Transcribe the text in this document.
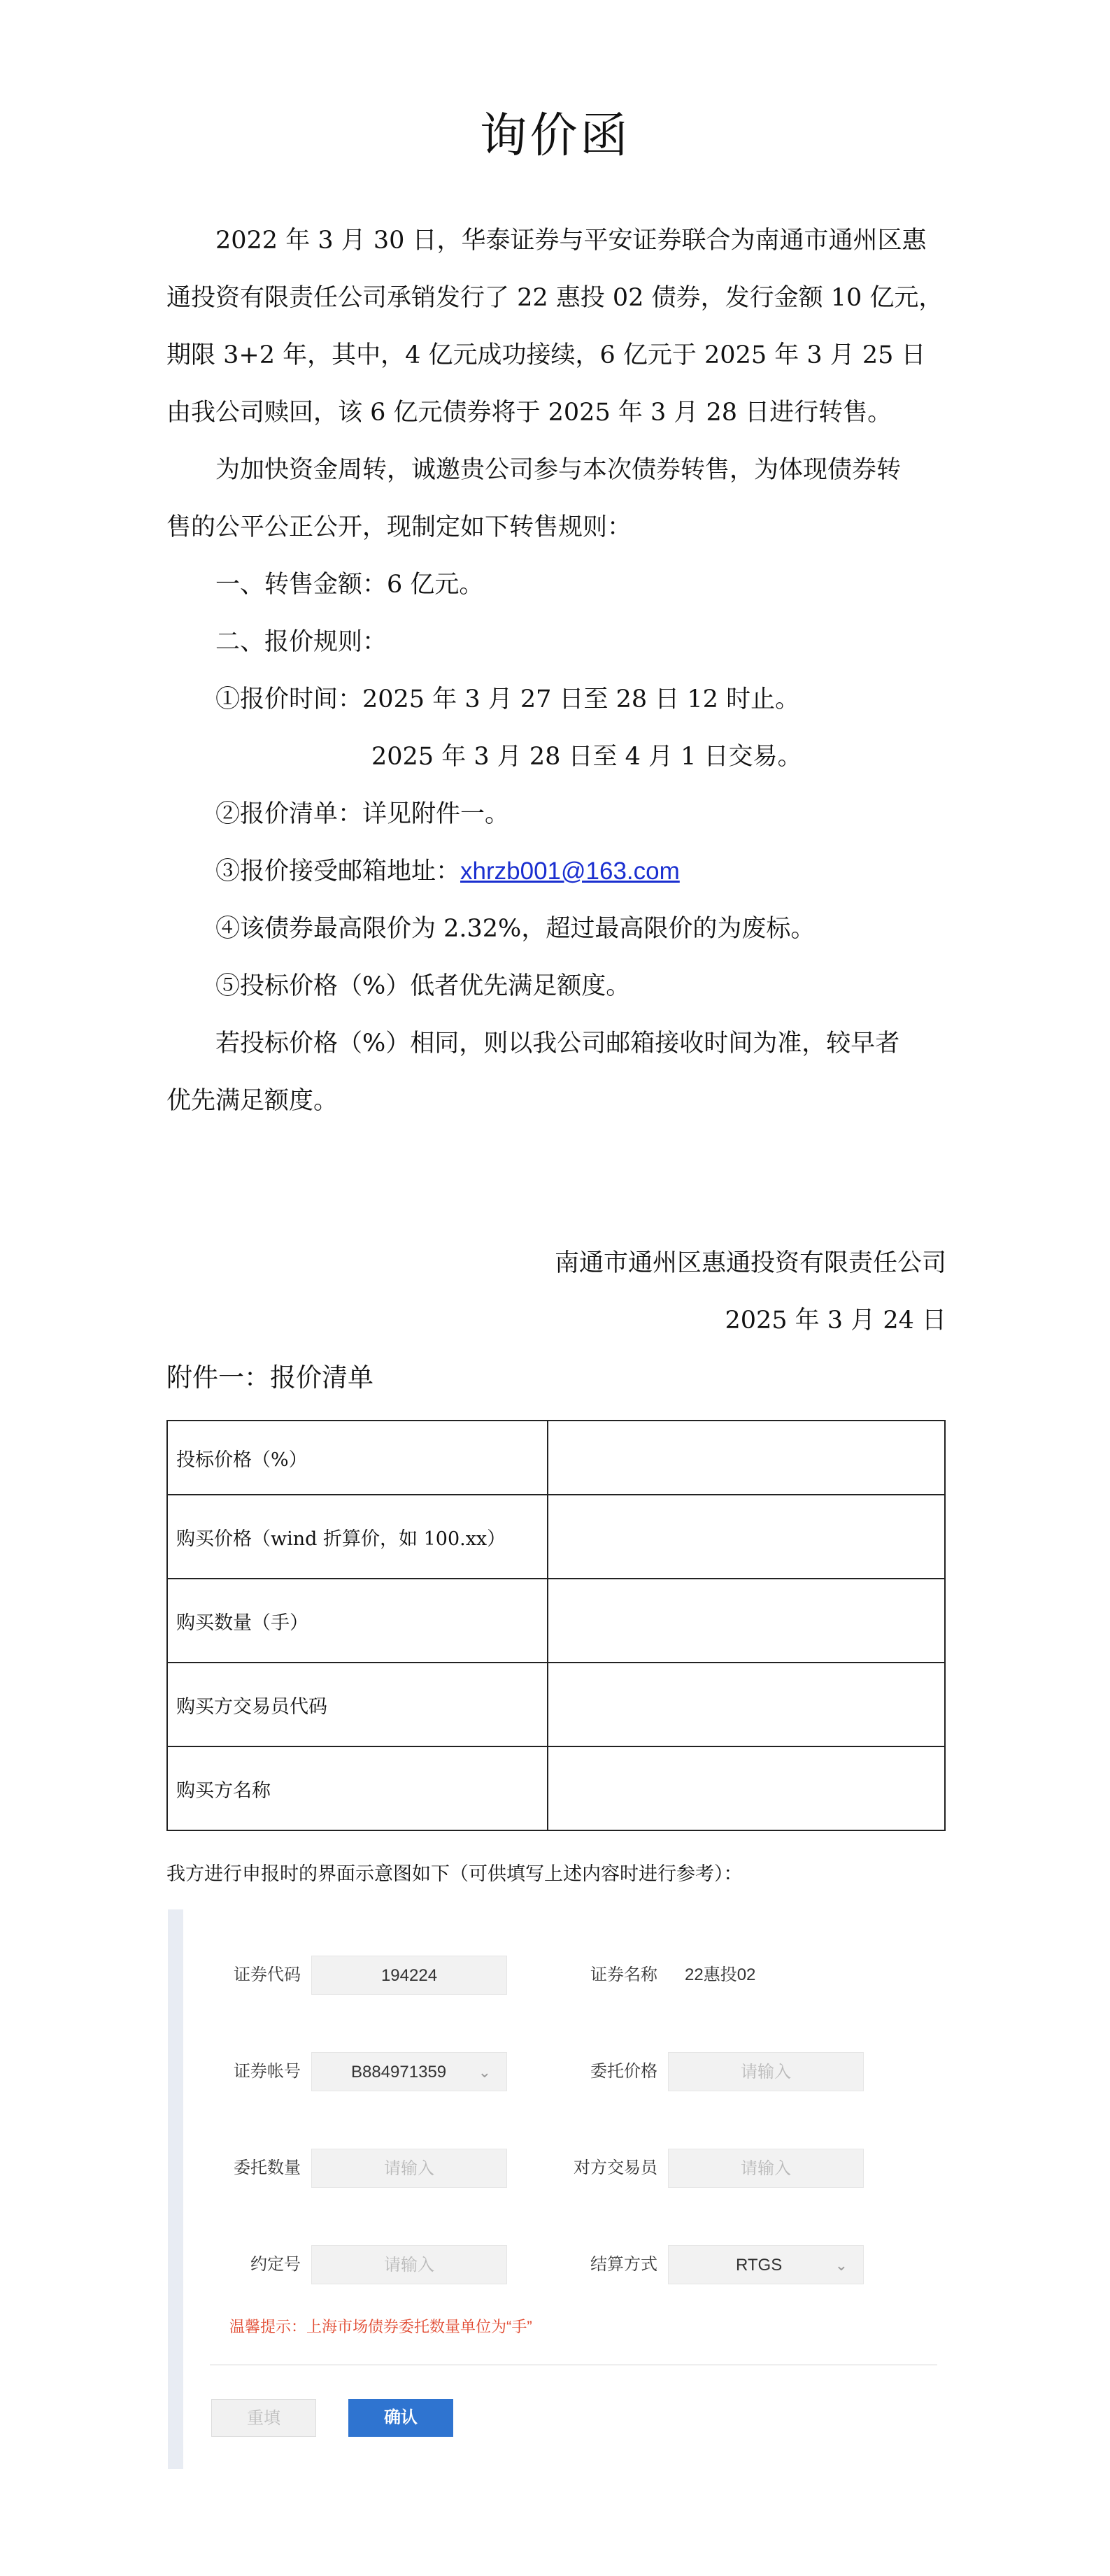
询价函
2022 年 3 月 30 日，华泰证券与平安证券联合为南通市通州区惠
通投资有限责任公司承销发行了 22 惠投 02 债券，发行金额 10 亿元，
期限 3+2 年，其中，4 亿元成功接续，6 亿元于 2025 年 3 月 25 日
由我公司赎回，该 6 亿元债券将于 2025 年 3 月 28 日进行转售。
为加快资金周转，诚邀贵公司参与本次债券转售，为体现债券转
售的公平公正公开，现制定如下转售规则：
一、转售金额：6 亿元。
二、报价规则：
①报价时间：2025 年 3 月 27 日至 28 日 12 时止。
2025 年 3 月 28 日至 4 月 1 日交易。
②报价清单：详见附件一。
③报价接受邮箱地址：xhrzb001@163.com
④该债券最高限价为 2.32%，超过最高限价的为废标。
⑤投标价格（%）低者优先满足额度。
若投标价格（%）相同，则以我公司邮箱接收时间为准，较早者
优先满足额度。
南通市通州区惠通投资有限责任公司
2025 年 3 月 24 日
附件一：报价清单
投标价格（%）	
购买价格（wind 折算价，如 100.xx）	
购买数量（手）	
购买方交易员代码	
购买方名称	
我方进行申报时的界面示意图如下（可供填写上述内容时进行参考）：
证券代码	194224	证券名称	22惠投02
证券帐号	B884971359 ⌄	委托价格	请输入
委托数量	请输入	对方交易员	请输入
约定号	请输入	结算方式	RTGS	⌄
温馨提示：上海市场债券委托数量单位为“手”
重填	确认
